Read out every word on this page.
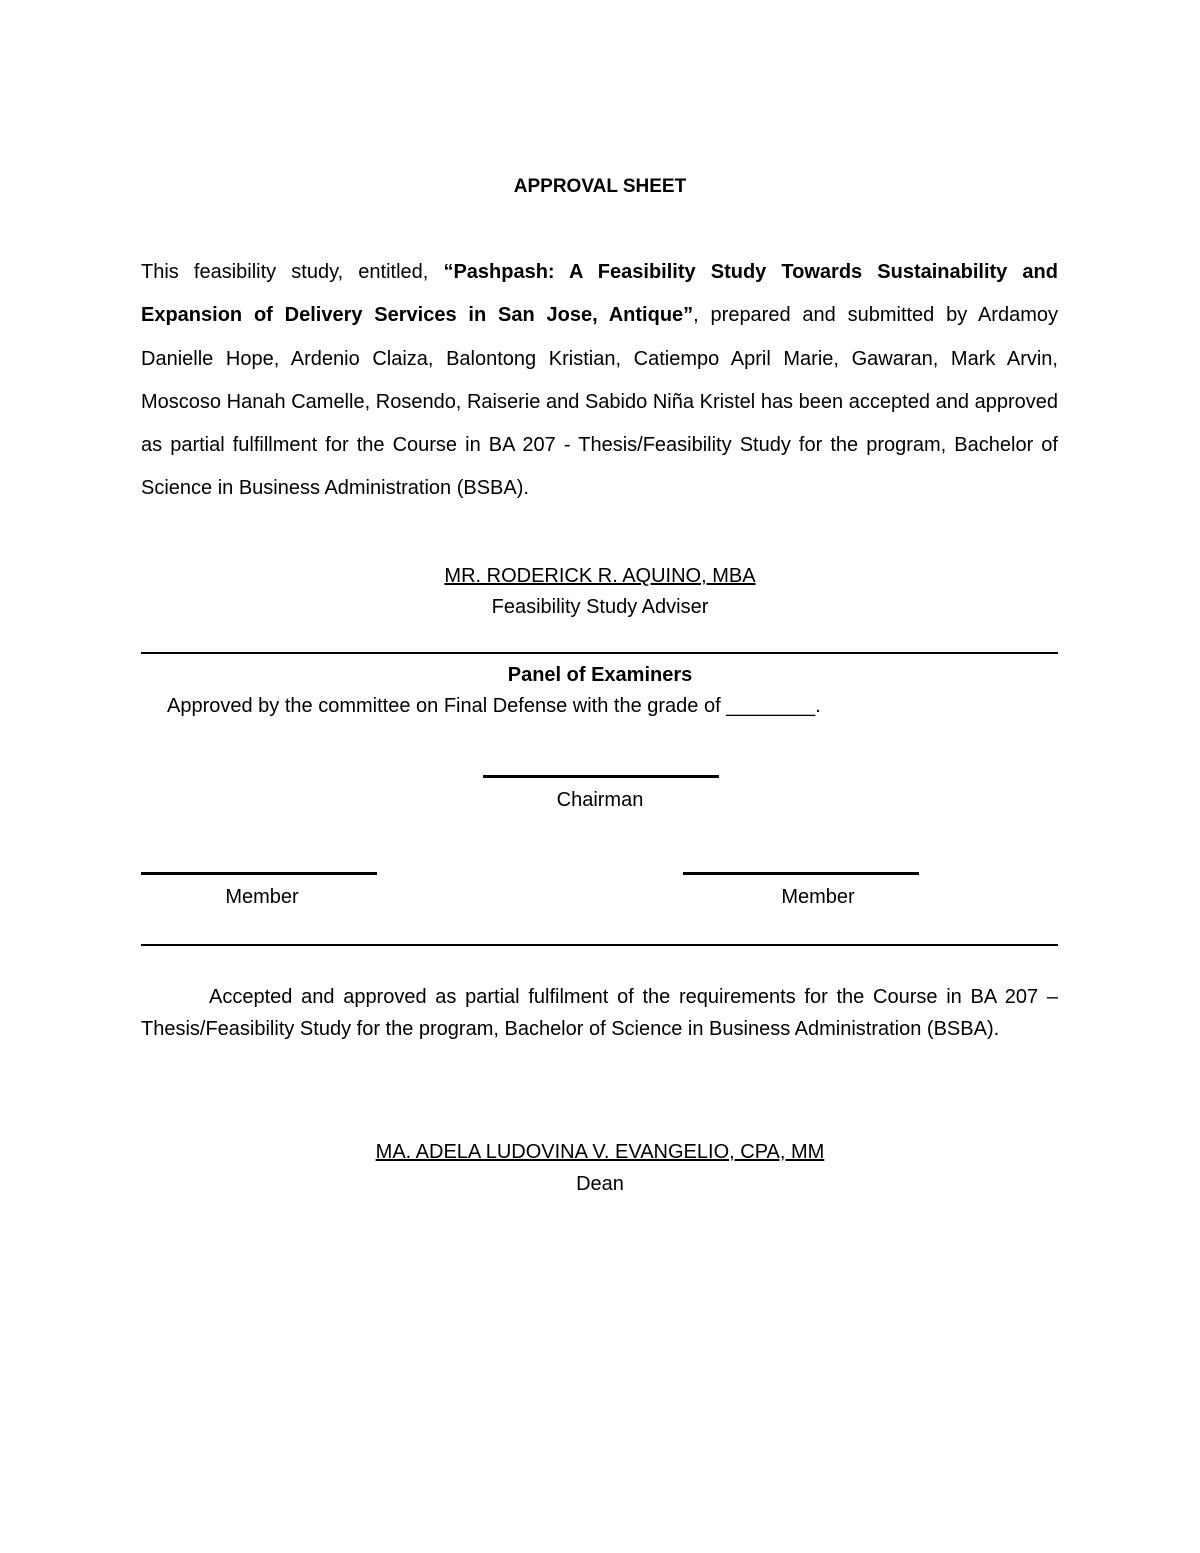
APPROVAL SHEET

This feasibility study, entitled, “Pashpash: A Feasibility Study Towards Sustainability and Expansion of Delivery Services in San Jose, Antique”, prepared and submitted by Ardamoy Danielle Hope, Ardenio Claiza, Balontong Kristian, Catiempo April Marie, Gawaran, Mark Arvin, Moscoso Hanah Camelle, Rosendo, Raiserie and Sabido Niña Kristel has been accepted and approved as partial fulfillment for the Course in BA 207 - Thesis/Feasibility Study for the program, Bachelor of Science in Business Administration (BSBA).

MR. RODERICK R. AQUINO, MBA
Feasibility Study Adviser
Panel of Examiners
Approved by the committee on Final Defense with the grade of ________.
Chairman
Member	Member

Accepted and approved as partial fulfilment of the requirements for the Course in BA 207 – Thesis/Feasibility Study for the program, Bachelor of Science in Business Administration (BSBA).

MA. ADELA LUDOVINA V. EVANGELIO, CPA, MM
Dean
